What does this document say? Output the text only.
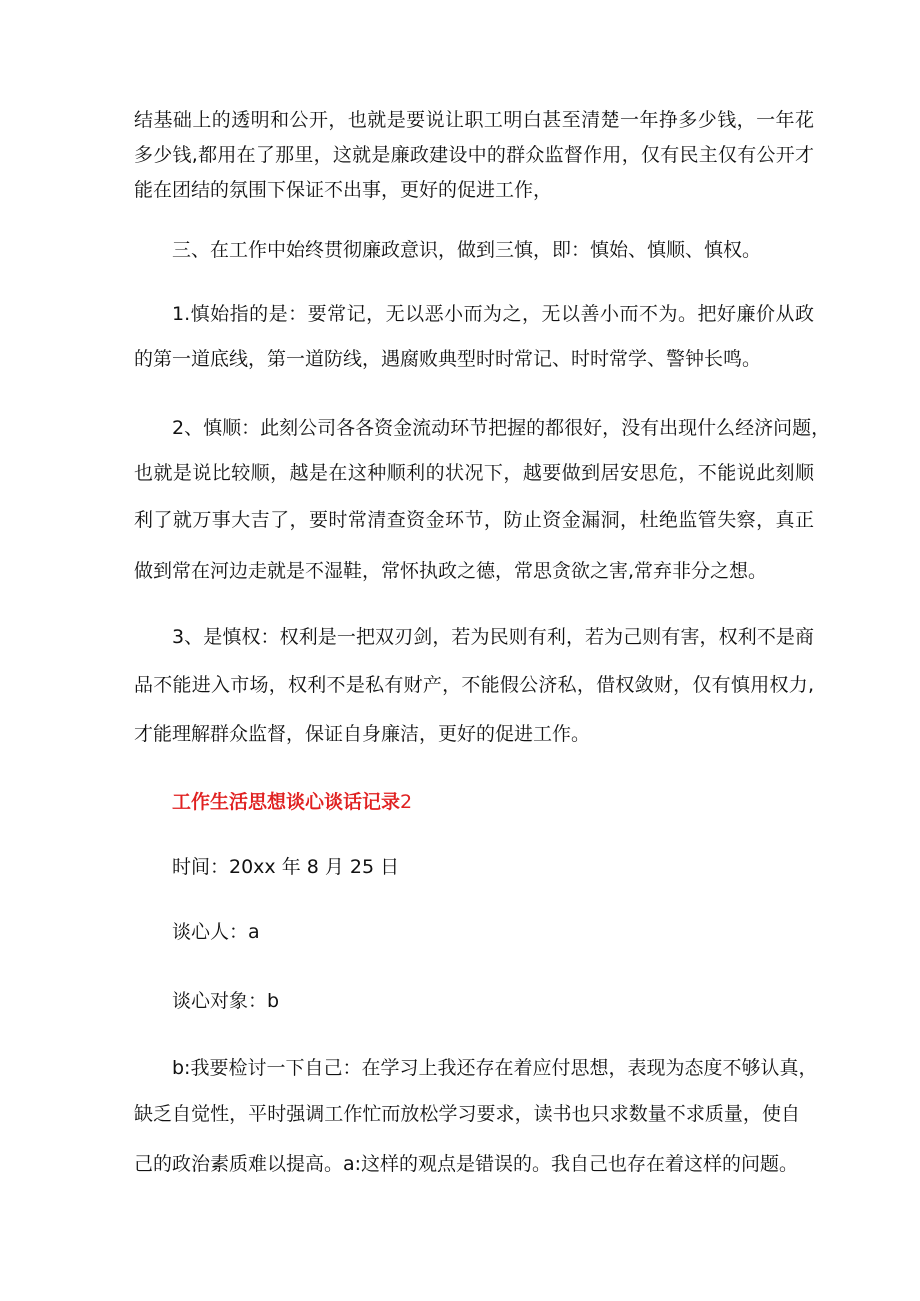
结基础上的透明和公开，也就是要说让职工明白甚至清楚一年挣多少钱，一年花
多少钱,都用在了那里，这就是廉政建设中的群众监督作用，仅有民主仅有公开才
能在团结的氛围下保证不出事，更好的促进工作，
三、在工作中始终贯彻廉政意识，做到三慎，即：慎始、慎顺、慎权。
1.慎始指的是：要常记，无以恶小而为之，无以善小而不为。把好廉价从政
的第一道底线，第一道防线，遇腐败典型时时常记、时时常学、警钟长鸣。
2、慎顺：此刻公司各各资金流动环节把握的都很好，没有出现什么经济问题，
也就是说比较顺，越是在这种顺利的状况下，越要做到居安思危，不能说此刻顺
利了就万事大吉了，要时常清查资金环节，防止资金漏洞，杜绝监管失察，真正
做到常在河边走就是不湿鞋，常怀执政之德，常思贪欲之害,常弃非分之想。
3、是慎权：权利是一把双刃剑，若为民则有利，若为己则有害，权利不是商
品不能进入市场，权利不是私有财产，不能假公济私，借权敛财，仅有慎用权力,
才能理解群众监督，保证自身廉洁，更好的促进工作。
工作生活思想谈心谈话记录2
时间：20xx 年 8 月 25 日
谈心人：a
谈心对象：b
b:我要检讨一下自己：在学习上我还存在着应付思想，表现为态度不够认真，
缺乏自觉性，平时强调工作忙而放松学习要求，读书也只求数量不求质量，使自
己的政治素质难以提高。a:这样的观点是错误的。我自己也存在着这样的问题。
